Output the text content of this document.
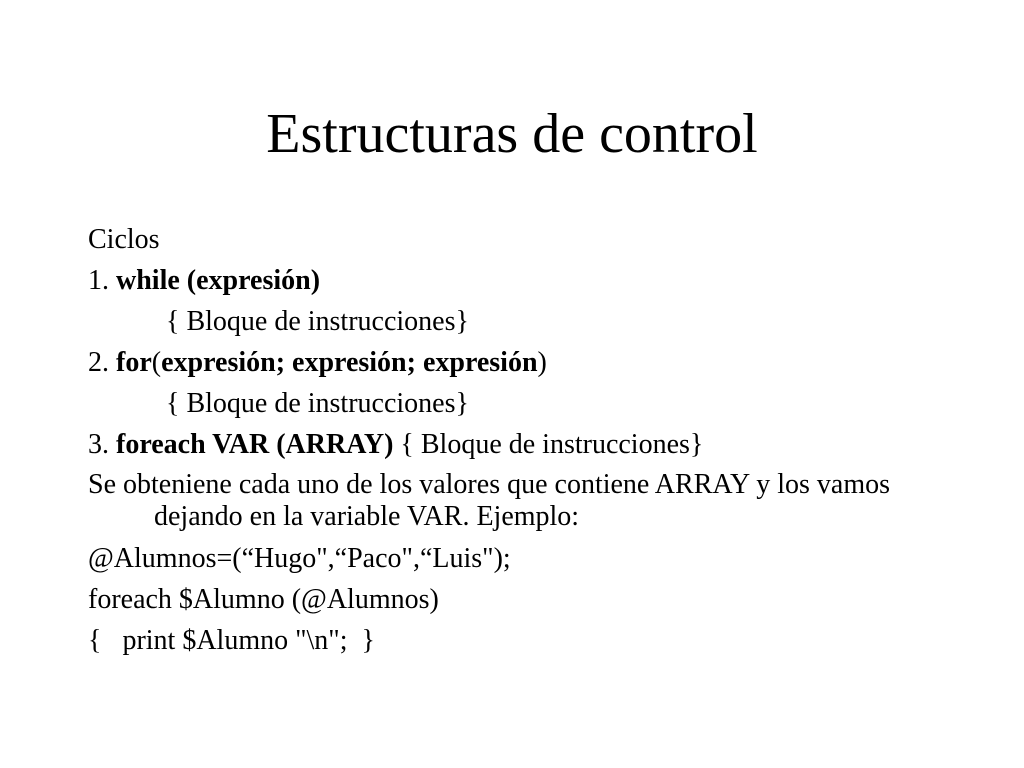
Estructuras de control
Ciclos
1. while (expresión)
{ Bloque de instrucciones}
2. for(expresión; expresión; expresión)
{ Bloque de instrucciones}
3. foreach VAR (ARRAY) { Bloque de instrucciones}
Se obteniene cada uno de los valores que contiene ARRAY y los vamos dejando en la variable VAR. Ejemplo:
@Alumnos=(“Hugo",“Paco",“Luis");
foreach $Alumno (@Alumnos)
{   print $Alumno "\n";  }
